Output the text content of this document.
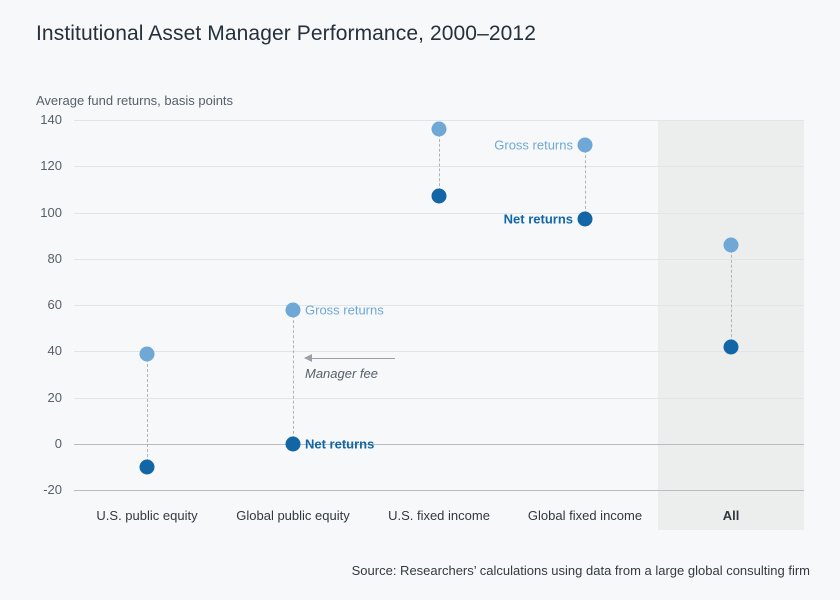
Institutional Asset Manager Performance, 2000–2012
Average fund returns, basis points
-20
0
20
40
60
80
100
120
140
U.S. public equity	Global public equity	U.S. fixed income	Global fixed income	All
Gross returns
Net returns
Gross returns
Net returns
Manager fee
Source: Researchers’ calculations using data from a large global consulting firm
